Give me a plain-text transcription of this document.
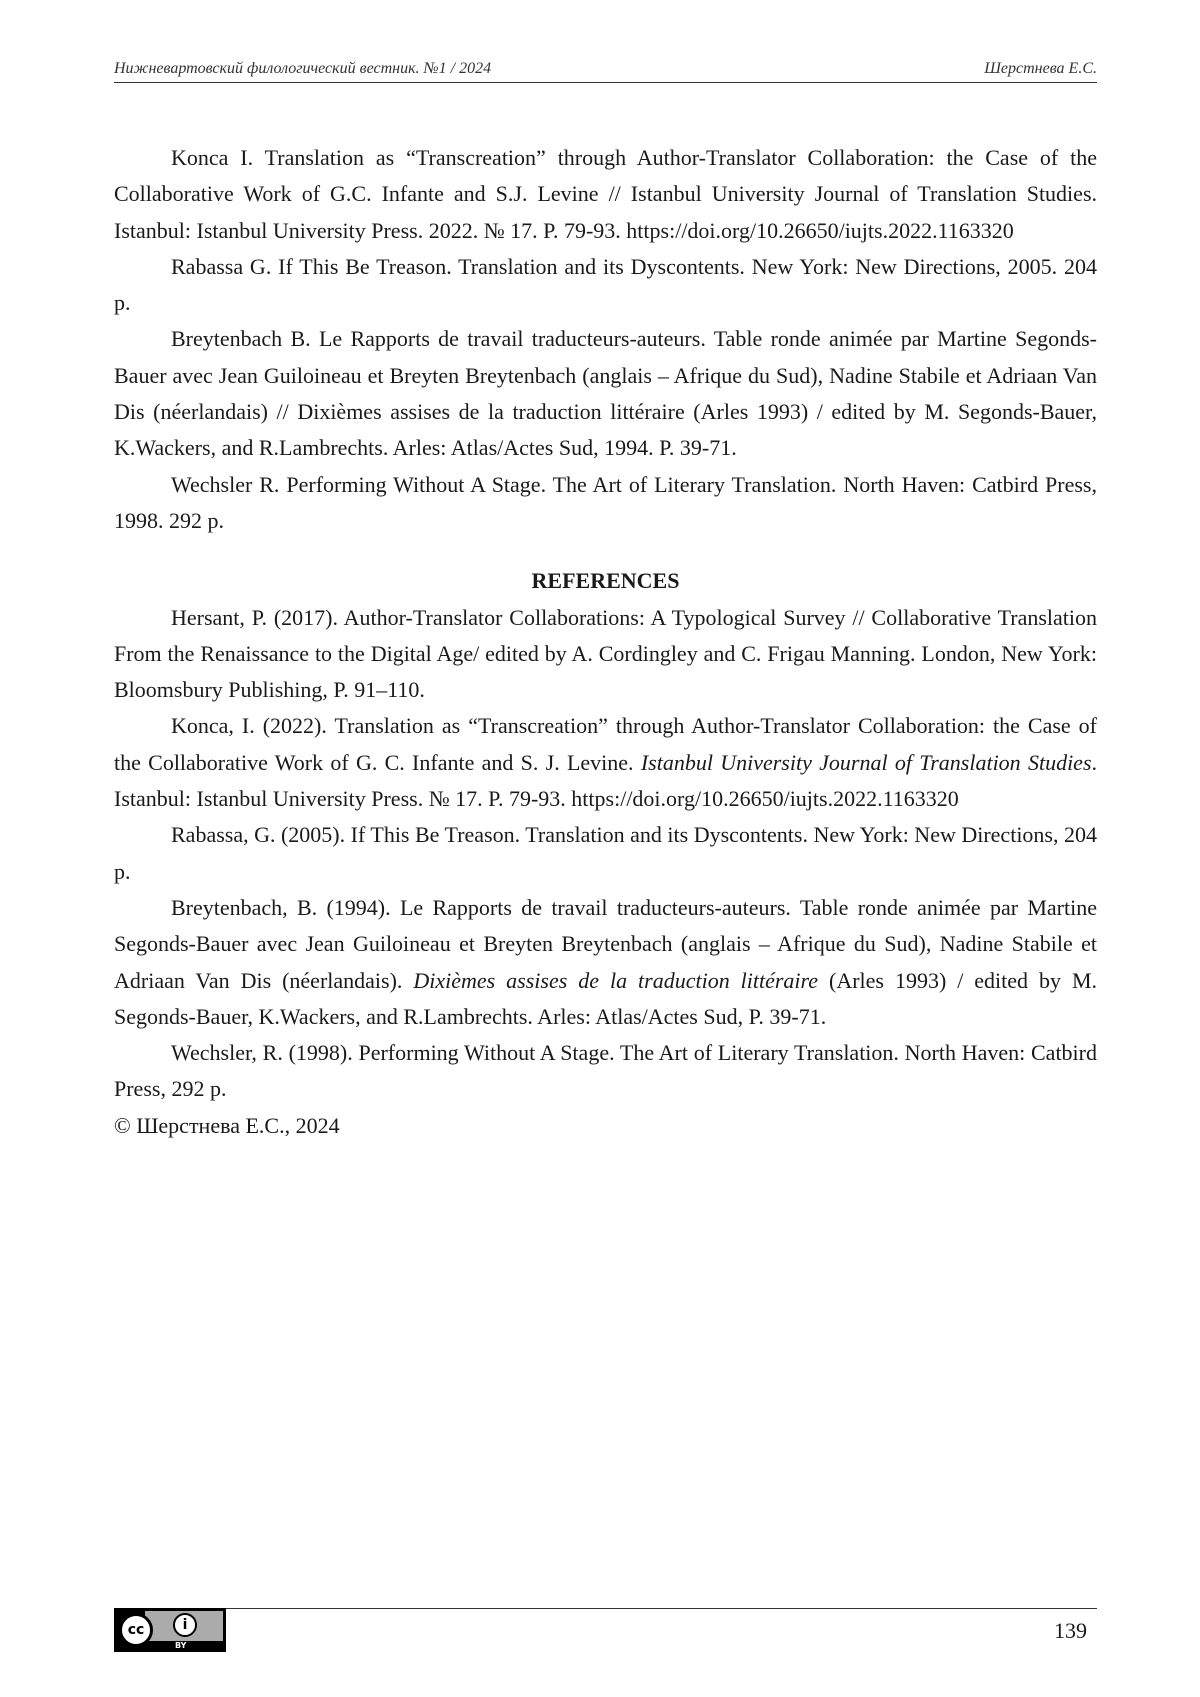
Нижневартовский филологический вестник. №1 / 2024	Шерстнева Е.С.

Konca I. Translation as “Transcreation” through Author-Translator Collaboration: the Case of the Collaborative Work of G.C. Infante and S.J. Levine // Istanbul University Journal of Translation Studies. Istanbul: Istanbul University Press. 2022. № 17. P. 79-93. https://doi.org/10.26650/iujts.2022.1163320

Rabassa G. If This Be Treason. Translation and its Dyscontents. New York: New Directions, 2005. 204 p.

Breytenbach B. Le Rapports de travail traducteurs-auteurs. Table ronde animée par Martine Segonds-Bauer avec Jean Guiloineau et Breyten Breytenbach (anglais – Afrique du Sud), Nadine Stabile et Adriaan Van Dis (néerlandais) // Dixièmes assises de la traduction littéraire (Arles 1993) / edited by M. Segonds-Bauer, K.Wackers, and R.Lambrechts. Arles: Atlas/Actes Sud, 1994. P. 39-71.

Wechsler R. Performing Without A Stage. The Art of Literary Translation. North Haven: Catbird Press, 1998. 292 p.

REFERENCES

Hersant, P. (2017). Author-Translator Collaborations: A Typological Survey // Collaborative Translation From the Renaissance to the Digital Age/ edited by A. Cordingley and C. Frigau Manning. London, New York: Bloomsbury Publishing, P. 91–110.

Konca, I. (2022). Translation as “Transcreation” through Author-Translator Collaboration: the Case of the Collaborative Work of G. C. Infante and S. J. Levine. Istanbul University Journal of Translation Studies. Istanbul: Istanbul University Press. № 17. P. 79-93. https://doi.org/10.26650/iujts.2022.1163320

Rabassa, G. (2005). If This Be Treason. Translation and its Dyscontents. New York: New Directions, 204 p.

Breytenbach, B. (1994). Le Rapports de travail traducteurs-auteurs. Table ronde animée par Martine Segonds-Bauer avec Jean Guiloineau et Breyten Breytenbach (anglais – Afrique du Sud), Nadine Stabile et Adriaan Van Dis (néerlandais). Dixièmes assises de la traduction littéraire (Arles 1993) / edited by M. Segonds-Bauer, K.Wackers, and R.Lambrechts. Arles: Atlas/Actes Sud, P. 39-71.

Wechsler, R. (1998). Performing Without A Stage. The Art of Literary Translation. North Haven: Catbird Press, 292 p.

© Шерстнева Е.С., 2024

cc	i
BY
139
